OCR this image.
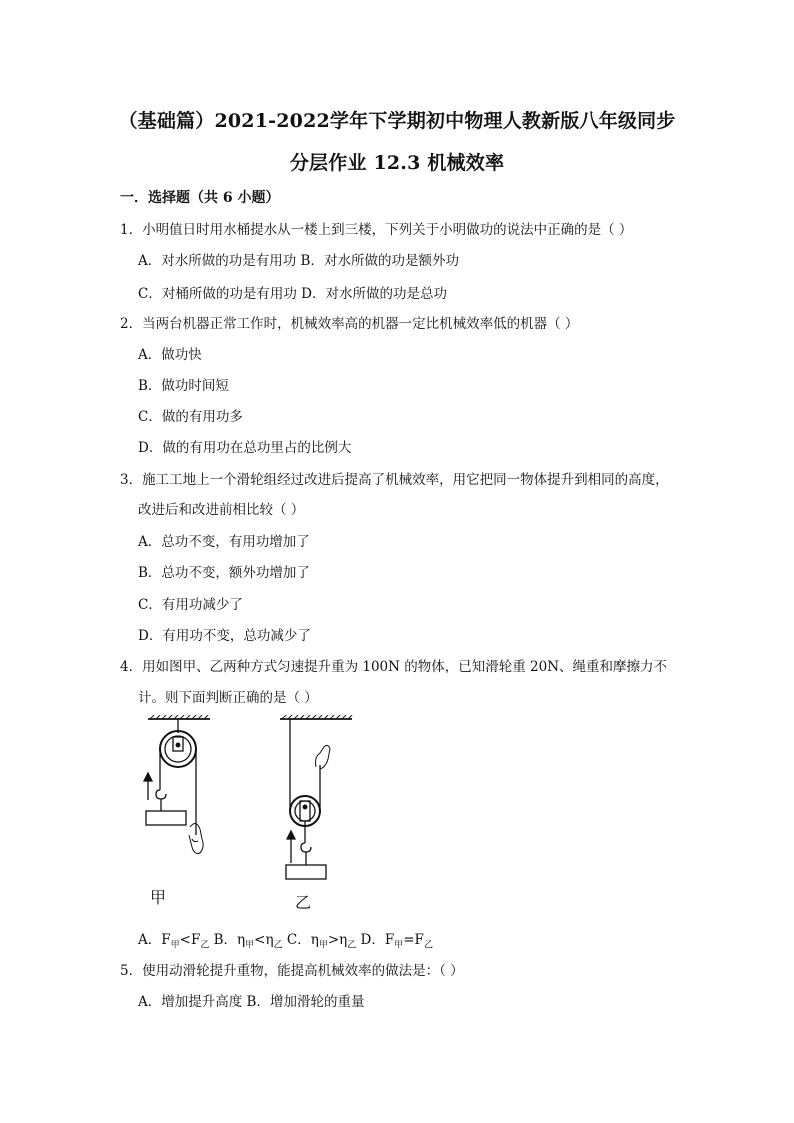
（基础篇）2021-2022学年下学期初中物理人教新版八年级同步
分层作业 12.3 机械效率
一．选择题（共 6 小题）
1．小明值日时用水桶提水从一楼上到三楼，下列关于小明做功的说法中正确的是（ ）
A．对水所做的功是有用功 B．对水所做的功是额外功
C．对桶所做的功是有用功 D．对水所做的功是总功
2．当两台机器正常工作时，机械效率高的机器一定比机械效率低的机器（ ）
A．做功快
B．做功时间短
C．做的有用功多
D．做的有用功在总功里占的比例大
3．施工工地上一个滑轮组经过改进后提高了机械效率，用它把同一物体提升到相同的高度，
改进后和改进前相比较（ ）
A．总功不变，有用功增加了
B．总功不变，额外功增加了
C．有用功减少了
D．有用功不变，总功减少了
4．用如图甲、乙两种方式匀速提升重为 100N 的物体，已知滑轮重 20N、绳重和摩擦力不
计。则下面判断正确的是（ ）
甲	乙
A．$F_甲<F_乙$ B．$\eta_甲<\eta_乙$ C．$\eta_甲>\eta_乙$ D．$F_甲=F_乙$
5．使用动滑轮提升重物，能提高机械效率的做法是：（ ）
A．增加提升高度 B．增加滑轮的重量
